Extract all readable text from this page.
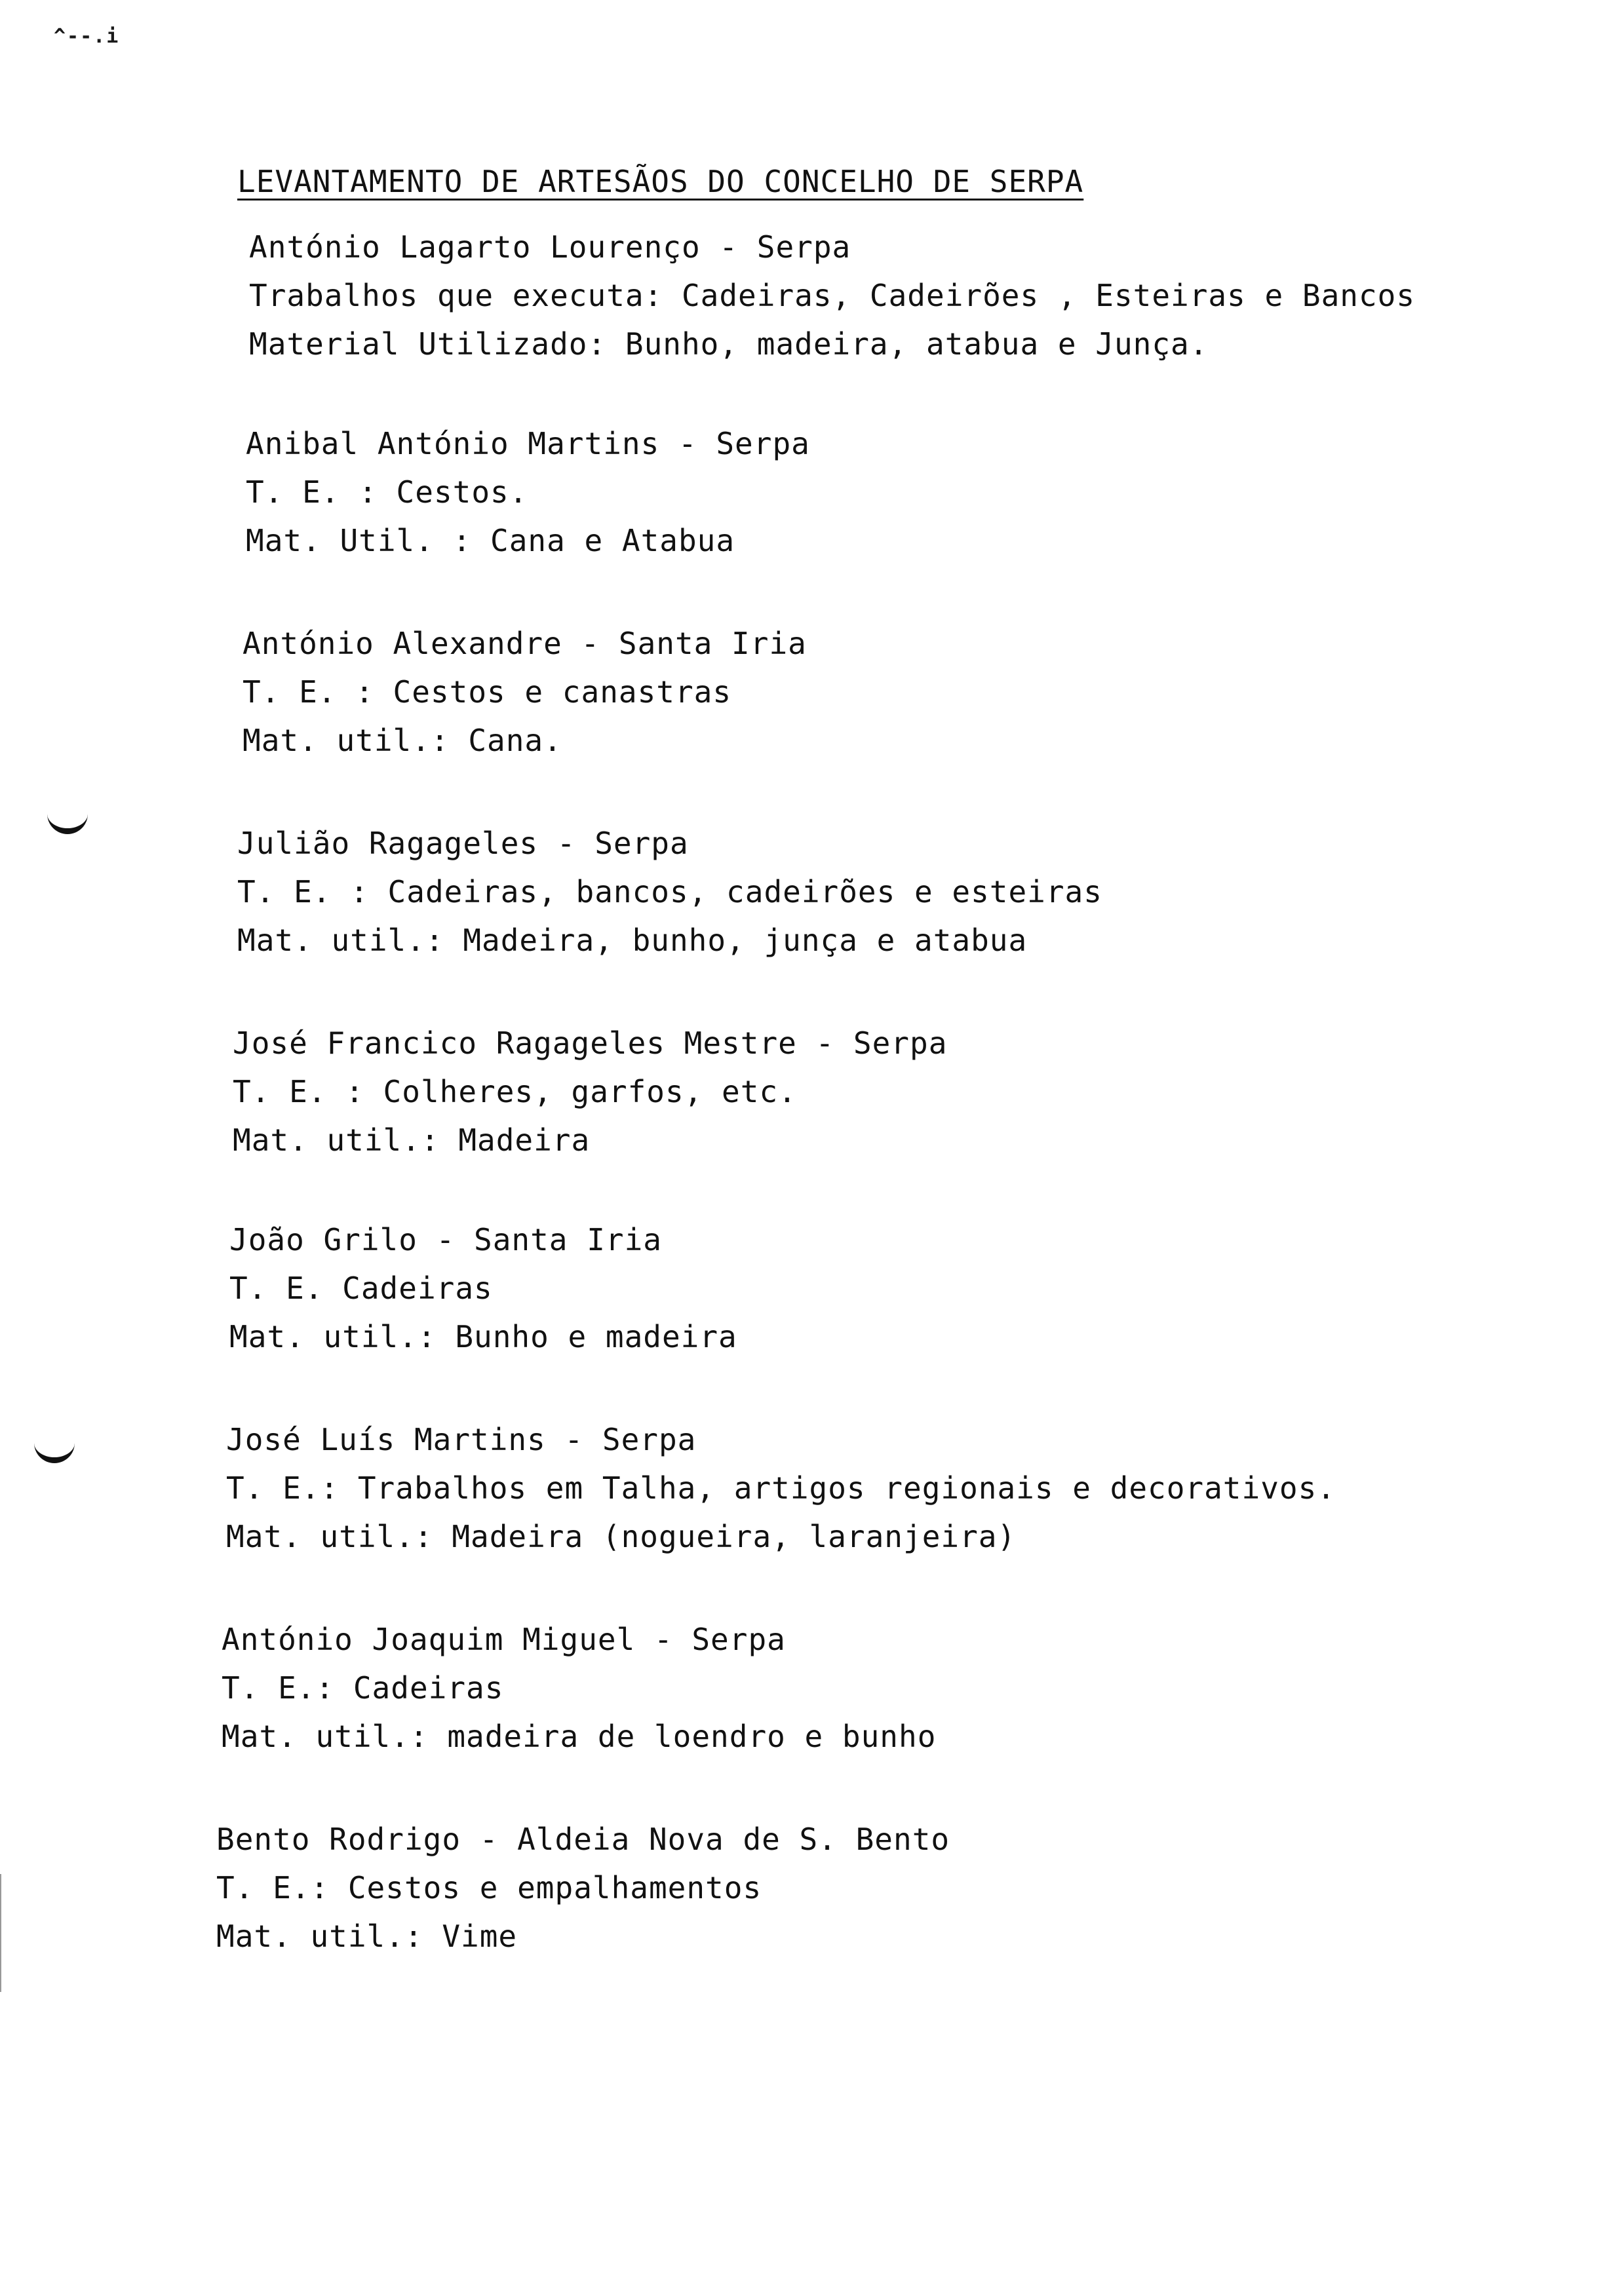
^--.i
LEVANTAMENTO DE ARTESÃOS DO CONCELHO DE SERPA
António Lagarto Lourenço - Serpa
Trabalhos que executa: Cadeiras, Cadeirões , Esteiras e Bancos
Material Utilizado: Bunho, madeira, atabua e Junça.
Anibal António Martins - Serpa
T. E. : Cestos.
Mat. Util. : Cana e Atabua
António Alexandre - Santa Iria
T. E. : Cestos e canastras
Mat. util.: Cana.
Julião Ragageles - Serpa
T. E. : Cadeiras, bancos, cadeirões e esteiras
Mat. util.: Madeira, bunho, junça e atabua
José Francico Ragageles Mestre - Serpa
T. E. : Colheres, garfos, etc.
Mat. util.: Madeira
João Grilo - Santa Iria
T. E. Cadeiras
Mat. util.: Bunho e madeira
José Luís Martins - Serpa
T. E.: Trabalhos em Talha, artigos regionais e decorativos.
Mat. util.: Madeira (nogueira, laranjeira)
António Joaquim Miguel - Serpa
T. E.: Cadeiras
Mat. util.: madeira de loendro e bunho
Bento Rodrigo - Aldeia Nova de S. Bento
T. E.: Cestos e empalhamentos
Mat. util.: Vime
